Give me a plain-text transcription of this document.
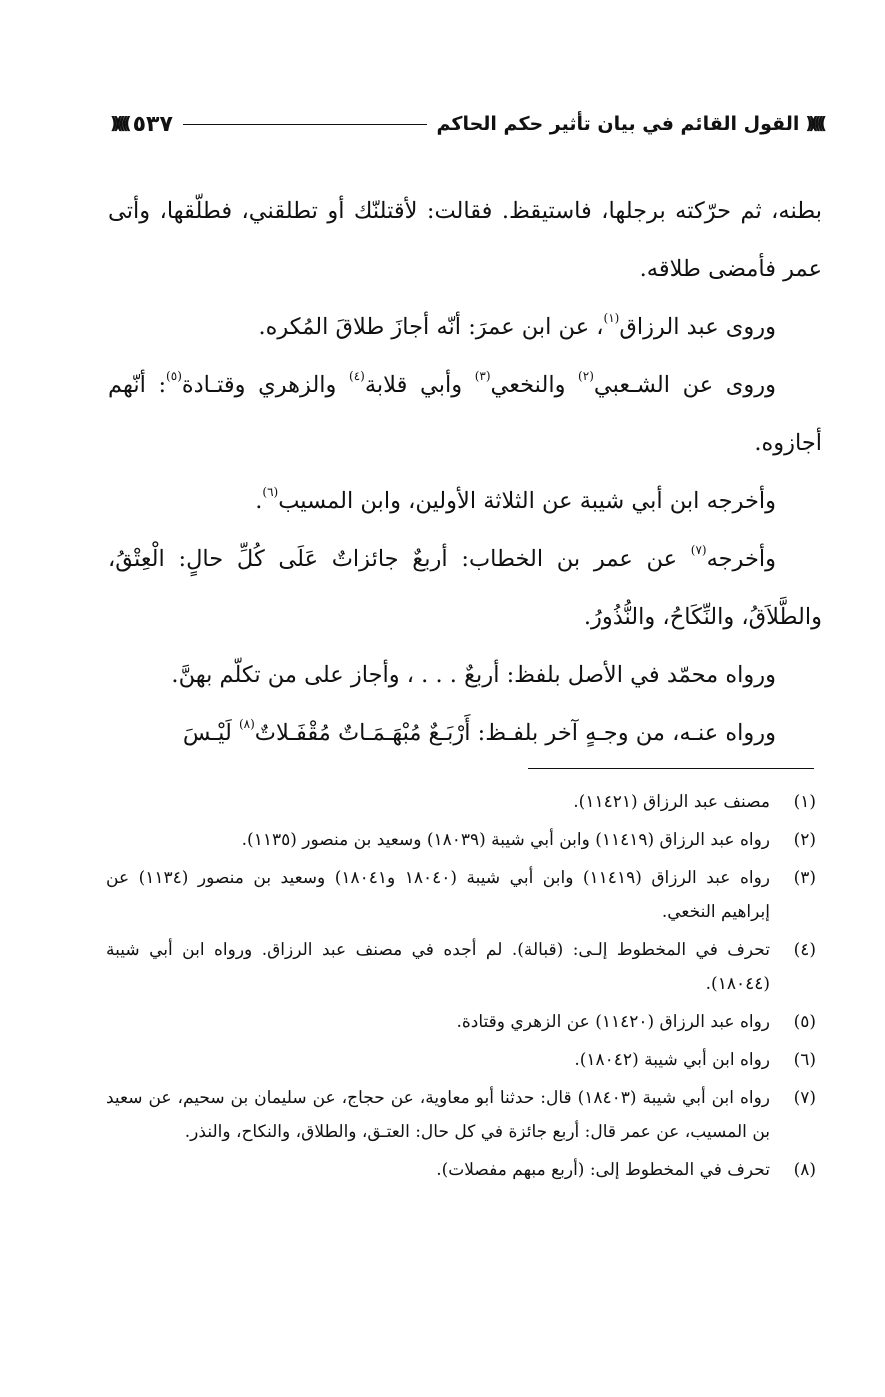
))))((
القول القائم في بيان تأثير حكم الحاكم
٥٣٧
))))((

بطنه، ثم حرّكته برجلها، فاستيقظ. فقالت: لأقتلنّك أو تطلقني، فطلّقها، وأتى عمر فأمضى طلاقه.

وروى عبد الرزاق$^{(١)}$، عن ابن عمرَ: أنّه أجازَ طلاقَ المُكره.

وروى عن الشـعبي$^{(٢)}$ والنخعي$^{(٣)}$ وأبي قلابة$^{(٤)}$ والزهري وقتـادة$^{(٥)}$: أنّهم أجازوه.

وأخرجه ابن أبي شيبة عن الثلاثة الأولين، وابن المسيب$^{(٦)}$.

وأخرجه$^{(٧)}$ عن عمر بن الخطاب: أربعٌ جائزاتٌ عَلَى كُلِّ حالٍ: الْعِتْقُ، والطَّلاَقُ، والنِّكَاحُ، والنُّذُورُ.

ورواه محمّد في الأصل بلفظ: أربعٌ . . . ، وأجاز على من تكلّم بهنَّ.

ورواه عنـه، من وجـهٍ آخر بلفـظ: أَرْبَـعٌ مُبْهَـمَـاتٌ مُقْفَـلاتٌ$^{(٨)}$ لَيْـسَ

(١)
مصنف عبد الرزاق (١١٤٢١).
(٢)
رواه عبد الرزاق (١١٤١٩) وابن أبي شيبة (١٨٠٣٩) وسعيد بن منصور (١١٣٥).
(٣)
رواه عبد الرزاق (١١٤١٩) وابن أبي شيبة (١٨٠٤٠ و١٨٠٤١) وسعيد بن منصور (١١٣٤) عن إبراهيم النخعي.
(٤)
تحرف في المخطوط إلـى: (قبالة). لم أجده في مصنف عبد الرزاق. ورواه ابن أبي شيبة (١٨٠٤٤).
(٥)
رواه عبد الرزاق (١١٤٢٠) عن الزهري وقتادة.
(٦)
رواه ابن أبي شيبة (١٨٠٤٢).
(٧)
رواه ابن أبي شيبة (١٨٤٠٣) قال: حدثنا أبو معاوية، عن حجاج، عن سليمان بن سحيم، عن سعيد بن المسيب، عن عمر قال: أربع جائزة في كل حال: العتـق، والطلاق، والنكاح، والنذر.
(٨)
تحرف في المخطوط إلى: (أربع مبهم مفصلات).
